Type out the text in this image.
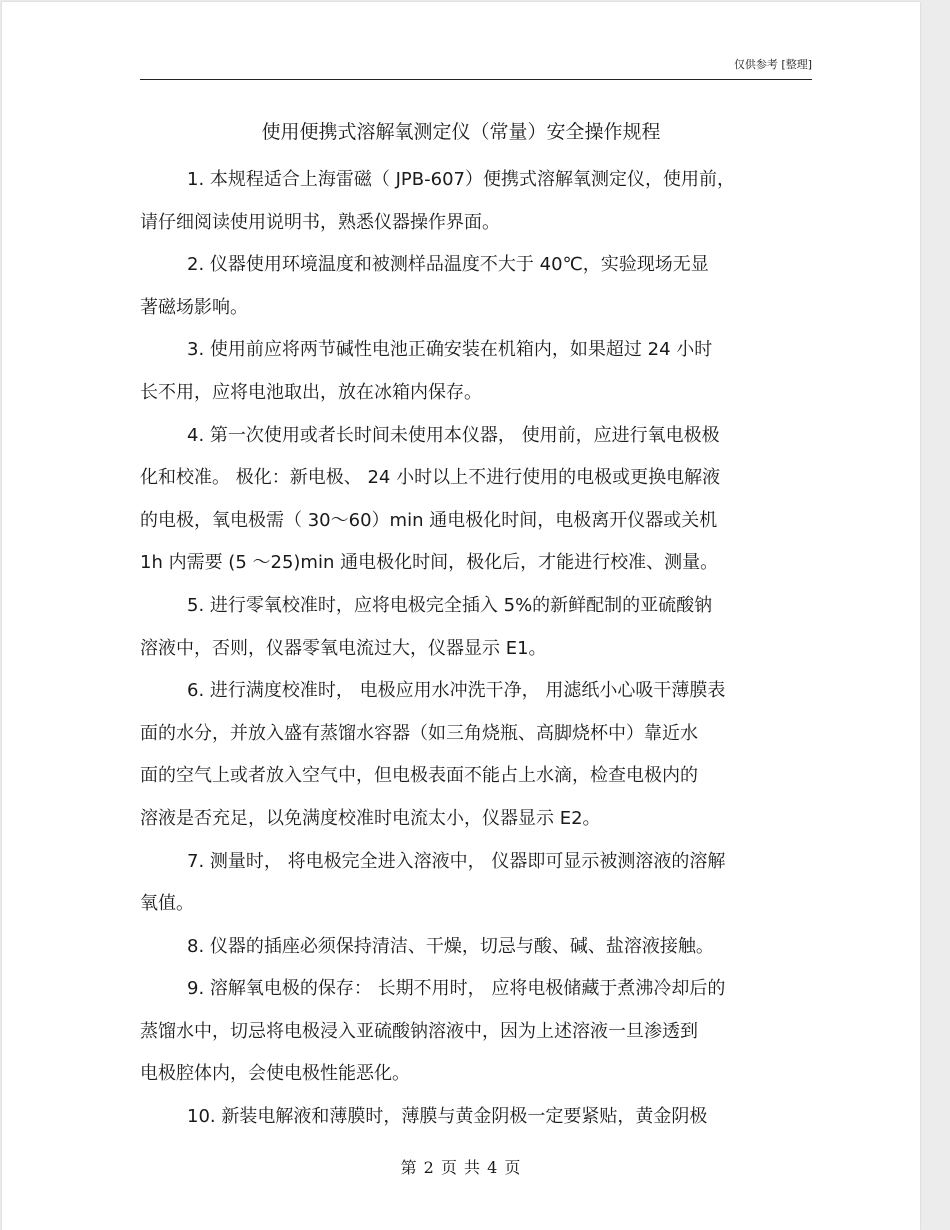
仅供参考 [整理]
使用便携式溶解氧测定仪（常量）安全操作规程
1. 本规程适合上海雷磁（ JPB-607）便携式溶解氧测定仪，使用前，
请仔细阅读使用说明书，熟悉仪器操作界面。
2. 仪器使用环境温度和被测样品温度不大于 40℃，实验现场无显
著磁场影响。
3. 使用前应将两节碱性电池正确安装在机箱内，如果超过 24 小时
长不用，应将电池取出，放在冰箱内保存。
4. 第一次使用或者长时间未使用本仪器， 使用前，应进行氧电极极
化和校准。 极化：新电极、 24 小时以上不进行使用的电极或更换电解液
的电极，氧电极需（ 30～60）min 通电极化时间，电极离开仪器或关机
1h 内需要 (5 ～25)min 通电极化时间，极化后，才能进行校准、测量。
5. 进行零氧校准时，应将电极完全插入 5%的新鲜配制的亚硫酸钠
溶液中，否则，仪器零氧电流过大，仪器显示 E1。
6. 进行满度校准时， 电极应用水冲洗干净， 用滤纸小心吸干薄膜表
面的水分，并放入盛有蒸馏水容器（如三角烧瓶、高脚烧杯中）靠近水
面的空气上或者放入空气中，但电极表面不能占上水滴，检查电极内的
溶液是否充足，以免满度校准时电流太小，仪器显示 E2。
7. 测量时， 将电极完全进入溶液中， 仪器即可显示被测溶液的溶解
氧值。
8. 仪器的插座必须保持清洁、干燥，切忌与酸、碱、盐溶液接触。
9. 溶解氧电极的保存： 长期不用时， 应将电极储藏于煮沸冷却后的
蒸馏水中，切忌将电极浸入亚硫酸钠溶液中，因为上述溶液一旦渗透到
电极腔体内，会使电极性能恶化。
10. 新装电解液和薄膜时，薄膜与黄金阴极一定要紧贴，黄金阴极
第 2 页 共 4 页
